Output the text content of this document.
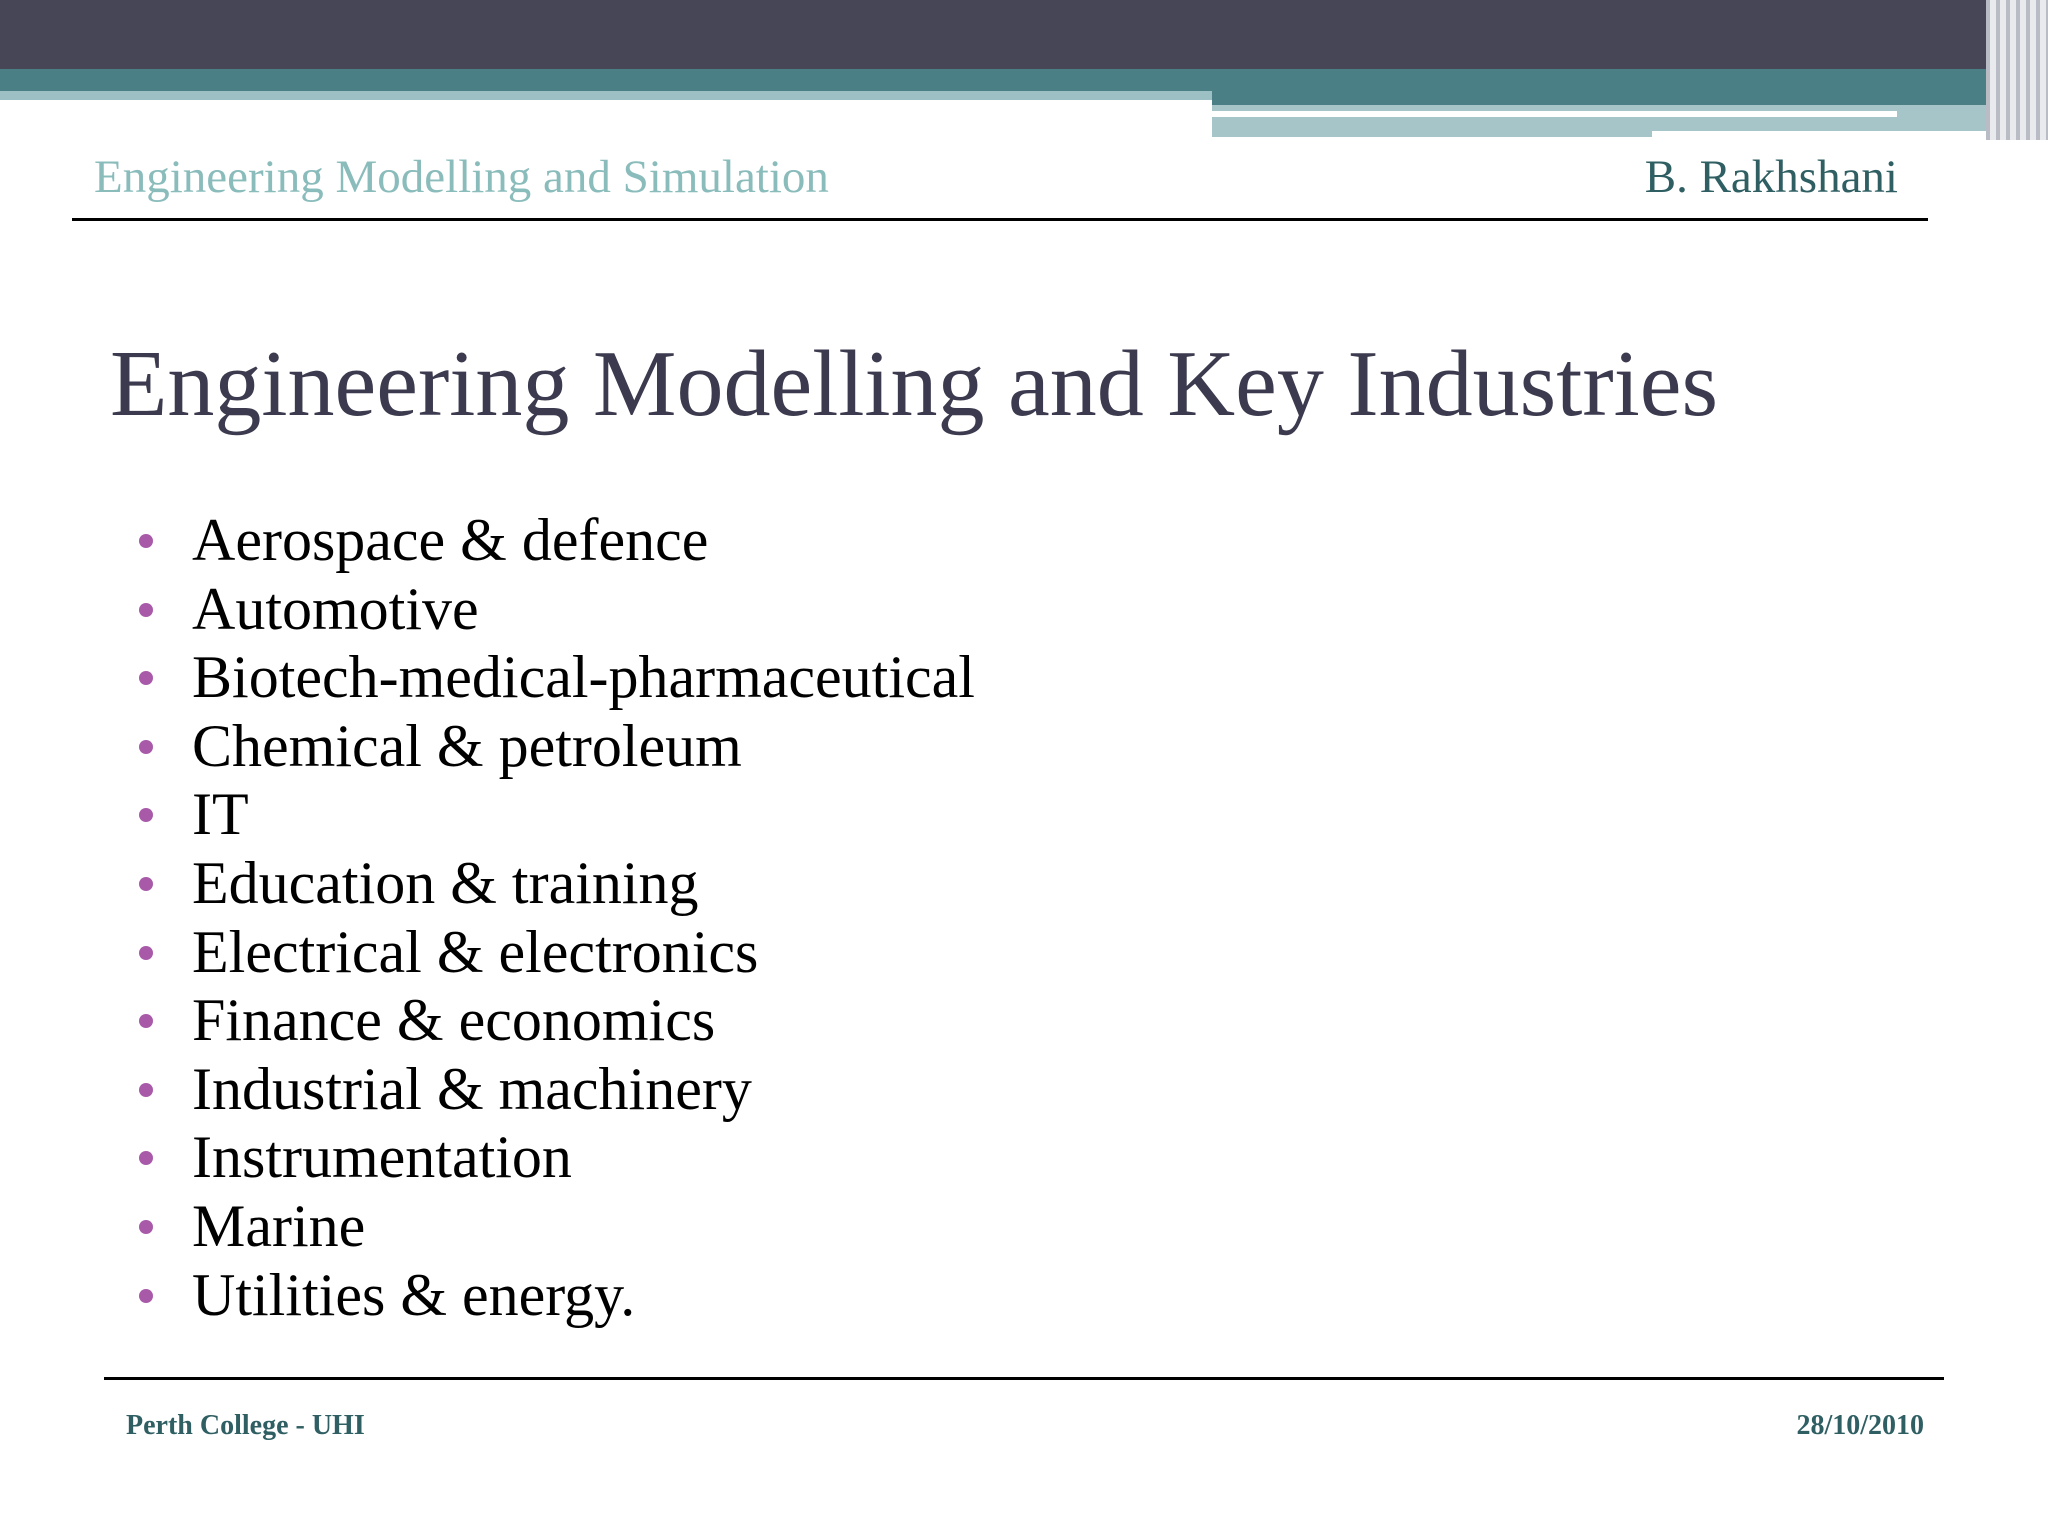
Engineering Modelling and Simulation	B. Rakhshani
Engineering Modelling and Key Industries
Aerospace & defence
Automotive
Biotech-medical-pharmaceutical
Chemical & petroleum
IT
Education & training
Electrical & electronics
Finance & economics
Industrial & machinery
Instrumentation
Marine
Utilities & energy.
Perth College - UHI	28/10/2010
